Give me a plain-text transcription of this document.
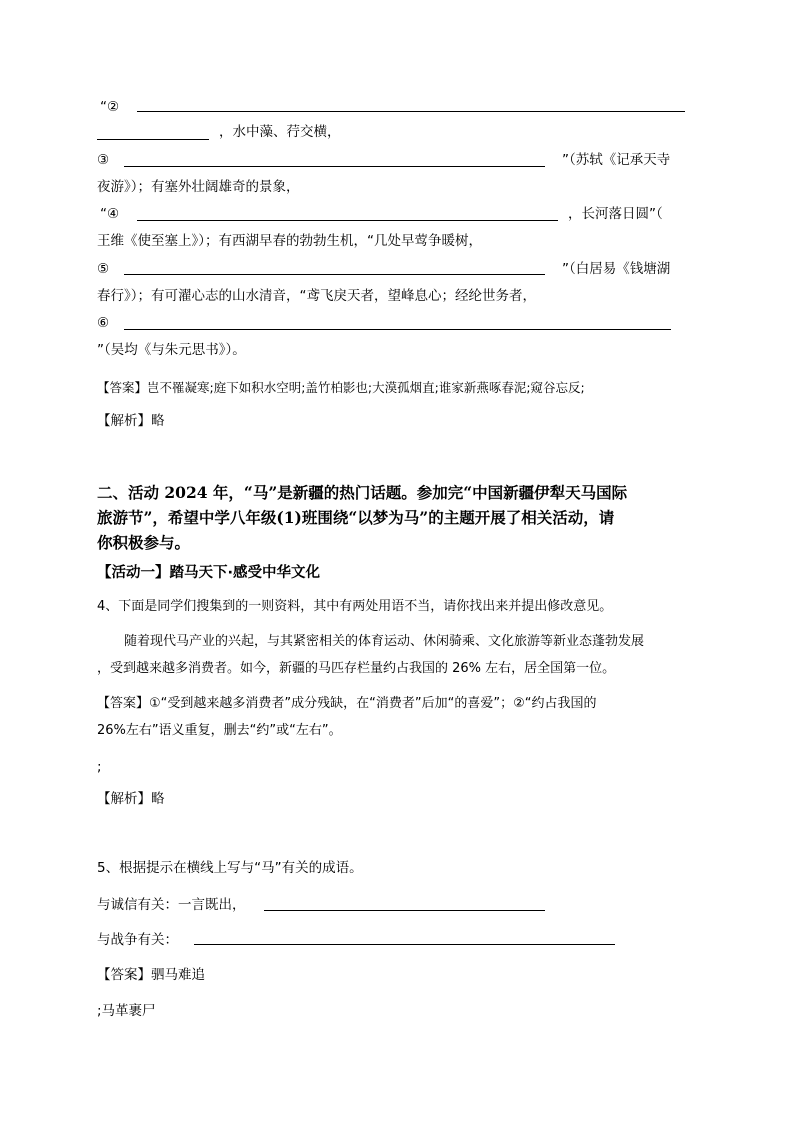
“②
，水中藻、荇交横，
③	”（苏轼《记承天寺
夜游》）；有塞外壮阔雄奇的景象，
“④	，长河落日圆”（
王维《使至塞上》）；有西湖早春的勃勃生机，“几处早莺争暖树，
⑤	”（白居易《钱塘湖
春行》）；有可濯心志的山水清音，“鸢飞戾天者，望峰息心；经纶世务者，
⑥
”（吴均《与朱元思书》）。
【答案】岂不罹凝寒;庭下如积水空明;盖竹柏影也;大漠孤烟直;谁家新燕啄春泥;窥谷忘反;
【解析】略
二、活动 2024 年，“马”是新疆的热门话题。参加完“中国新疆伊犁天马国际
旅游节”，希望中学八年级(1)班围绕“以梦为马”的主题开展了相关活动，请
你积极参与。
【活动一】踏马天下·感受中华文化
4、下面是同学们搜集到的一则资料，其中有两处用语不当，请你找出来并提出修改意见。
随着现代马产业的兴起，与其紧密相关的体育运动、休闲骑乘、文化旅游等新业态蓬勃发展
，受到越来越多消费者。如今，新疆的马匹存栏量约占我国的 26% 左右，居全国第一位。
【答案】①“受到越来越多消费者”成分残缺，在“消费者”后加“的喜爱”；②“约占我国的
26%左右”语义重复，删去“约”或“左右”。
;
【解析】略
5、根据提示在横线上写与“马”有关的成语。
与诚信有关：一言既出，
与战争有关：
【答案】驷马难追
;马革裹尸
